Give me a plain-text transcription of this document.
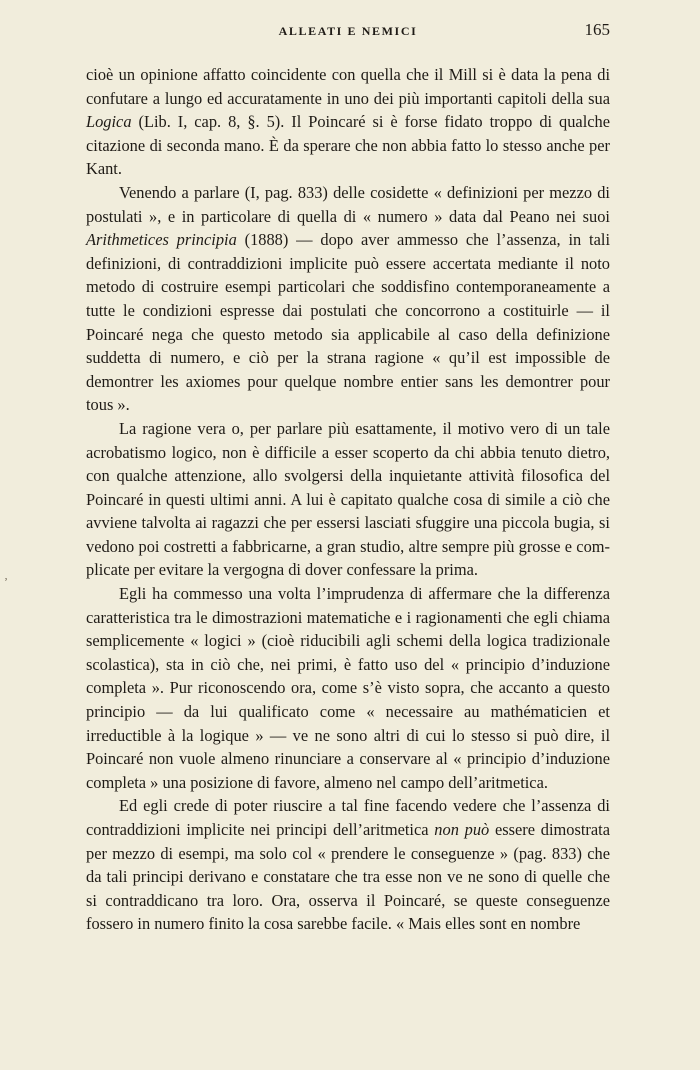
ALLEATI E NEMICI	165
ʼ

cioè un opinione affatto coincidente con quella che il Mill si è data la pena di confutare a lungo ed accuratamente in uno dei più importanti capitoli della sua Logica (Lib. I, cap. 8, §. 5). Il Poincaré si è forse fidato troppo di qualche citazione di seconda mano. È da sperare che non abbia fatto lo stesso anche per Kant.

Venendo a parlare (I, pag. 833) delle cosidette « definizioni per mezzo di postulati », e in particolare di quella di « numero » data dal Peano nei suoi Arithmetices principia (1888) — dopo aver ammesso che l’assenza, in tali definizioni, di contraddizioni implicite può essere accertata mediante il noto metodo di costruire esempi particolari che soddisfino contemporaneamente a tutte le condizioni espresse dai postulati che concorrono a costituirle — il Poincaré nega che questo metodo sia applicabile al caso della definizione suddetta di numero, e ciò per la strana ragione « qu’il est impossible de demontrer les axiomes pour quelque nombre entier sans les demontrer pour tous ».

La ragione vera o, per parlare più esattamente, il motivo vero di un tale acrobatismo logico, non è difficile a esser scoperto da chi abbia tenuto dietro, con qualche attenzione, allo svolgersi della inquietante attività filosofica del Poincaré in questi ultimi anni. A lui è capitato qualche cosa di simile a ciò che avviene talvolta ai ragazzi che per essersi lasciati sfuggire una piccola bugia, si vedono poi costretti a fabbricarne, a gran studio, altre sempre più grosse e complicate per evitare la vergogna di dover confessare la prima.

Egli ha commesso una volta l’imprudenza di affermare che la differenza caratteristica tra le dimostrazioni matematiche e i ragionamenti che egli chiama semplicemente « logici » (cioè riducibili agli schemi della logica tradizionale scolastica), sta in ciò che, nei primi, è fatto uso del « principio d’induzione completa ». Pur riconoscendo ora, come s’è visto sopra, che accanto a questo principio — da lui qualificato come « necessaire au mathématicien et irreductible à la logique » — ve ne sono altri di cui lo stesso si può dire, il Poincaré non vuole almeno rinunciare a conservare al « principio d’induzione completa » una posizione di favore, almeno nel campo dell’aritmetica.

Ed egli crede di poter riuscire a tal fine facendo vedere che l’assenza di contraddizioni implicite nei principi dell’aritmetica non può essere dimostrata per mezzo di esempi, ma solo col « prendere le conseguenze » (pag. 833) che da tali principi derivano e constatare che tra esse non ve ne sono di quelle che si contraddicano tra loro. Ora, osserva il Poincaré, se queste conseguenze fossero in numero finito la cosa sarebbe facile. « Mais elles sont en nombre
